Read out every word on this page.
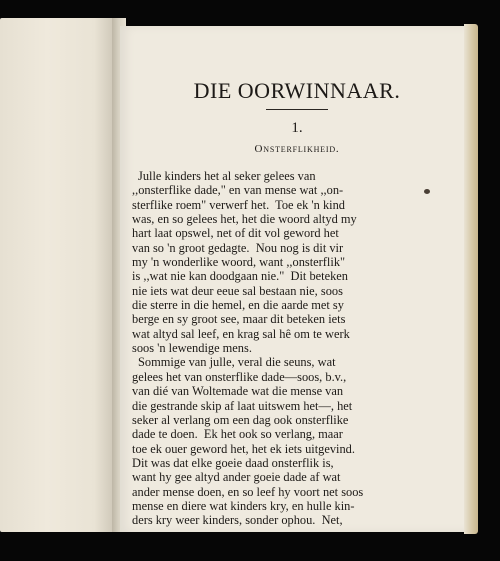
DIE OORWINNAAR.
1.
Onsterflikheid.
Julle kinders het al seker gelees van
,,onsterflike dade," en van mense wat ,,on-
sterflike roem" verwerf het.  Toe ek 'n kind
was, en so gelees het, het die woord altyd my
hart laat opswel, net of dit vol geword het
van so 'n groot gedagte.  Nou nog is dit vir
my 'n wonderlike woord, want ,,onsterflik"
is ,,wat nie kan doodgaan nie."  Dit beteken
nie iets wat deur eeue sal bestaan nie, soos
die sterre in die hemel, en die aarde met sy
berge en sy groot see, maar dit beteken iets
wat altyd sal leef, en krag sal hê om te werk
soos 'n lewendige mens.
Sommige van julle, veral die seuns, wat
gelees het van onsterflike dade—soos, b.v.,
van dié van Woltemade wat die mense van
die gestrande skip af laat uitswem het—, het
seker al verlang om een dag ook onsterflike
dade te doen.  Ek het ook so verlang, maar
toe ek ouer geword het, het ek iets uitgevind.
Dit was dat elke goeie daad onsterflik is,
want hy gee altyd ander goeie dade af wat
ander mense doen, en so leef hy voort net soos
mense en diere wat kinders kry, en hulle kin-
ders kry weer kinders, sonder ophou.  Net,
